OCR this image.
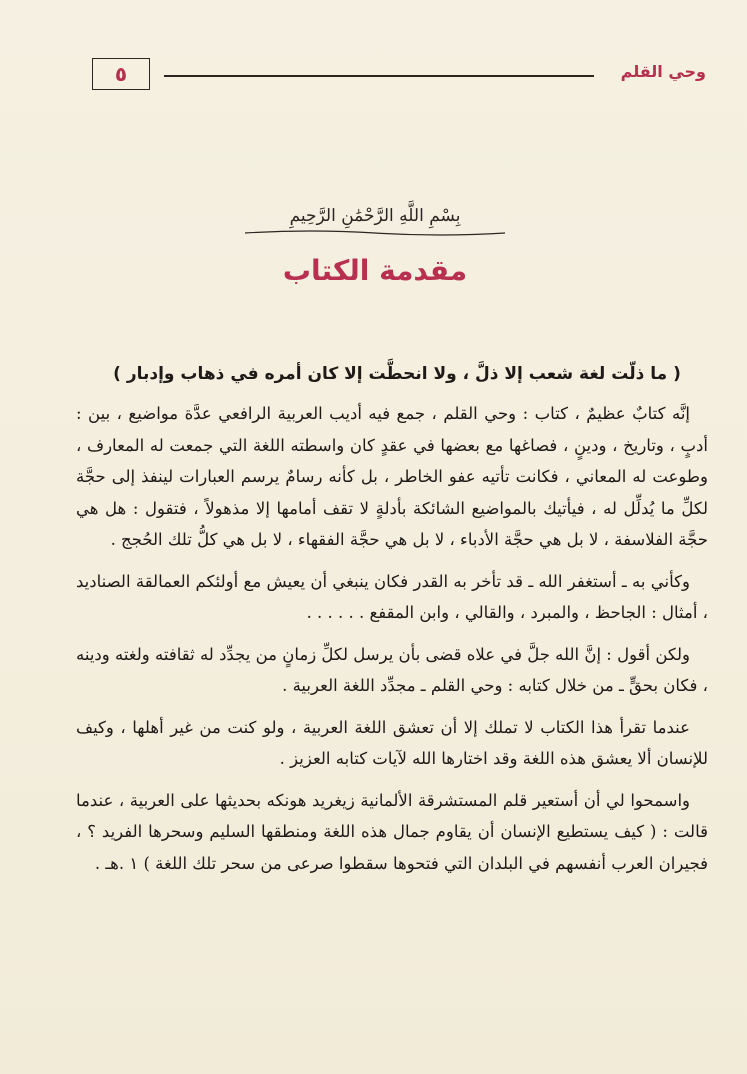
٥	وحي القلم
بِسْمِ اللَّهِ الرَّحْمَٰنِ الرَّحِيمِ
مقدمة الكتاب
( ما ذلّت لغة شعب إلا ذلَّ ، ولا انحطَّت إلا كان أمره في ذهاب وإدبار )

إنَّه كتابٌ عظيمٌ ، كتاب : وحي القلم ، جمع فيه أديب العربية الرافعي عدَّة مواضيع ، بين : أدبٍ ، وتاريخ ، ودينٍ ، فصاغها مع بعضها في عقدٍ كان واسطته اللغة التي جمعت له المعارف ، وطوعت له المعاني ، فكانت تأتيه عفو الخاطر ، بل كأنه رسامٌ يرسم العبارات لينفذ إلى حجَّة لكلِّ ما يُدلِّل له ، فيأتيك بالمواضيع الشائكة بأدلةٍ لا تقف أمامها إلا مذهولاً ، فتقول : هل هي حجَّة الفلاسفة ، لا بل هي حجَّة الأدباء ، لا بل هي حجَّة الفقهاء ، لا بل هي كلُّ تلك الحُجج .

وكأني به ـ أستغفر الله ـ قد تأخر به القدر فكان ينبغي أن يعيش مع أولئكم العمالقة الصناديد ، أمثال : الجاحظ ، والمبرد ، والقالي ، وابن المقفع . . . . . .

ولكن أقول : إنَّ الله جلَّ في علاه قضى بأن يرسل لكلِّ زمانٍ من يجدِّد له ثقافته ولغته ودينه ، فكان بحقٍّ ـ من خلال كتابه : وحي القلم ـ مجدِّد اللغة العربية .

عندما تقرأ هذا الكتاب لا تملك إلا أن تعشق اللغة العربية ، ولو كنت من غير أهلها ، وكيف للإنسان ألا يعشق هذه اللغة وقد اختارها الله لآيات كتابه العزيز .

واسمحوا لي أن أستعير قلم المستشرقة الألمانية زيغريد هونكه بحديثها على العربية ، عندما قالت : ( كيف يستطيع الإنسان أن يقاوم جمال هذه اللغة ومنطقها السليم وسحرها الفريد ؟ ، فجيران العرب أنفسهم في البلدان التي فتحوها سقطوا صرعى من سحر تلك اللغة ) ١ .هـ .
